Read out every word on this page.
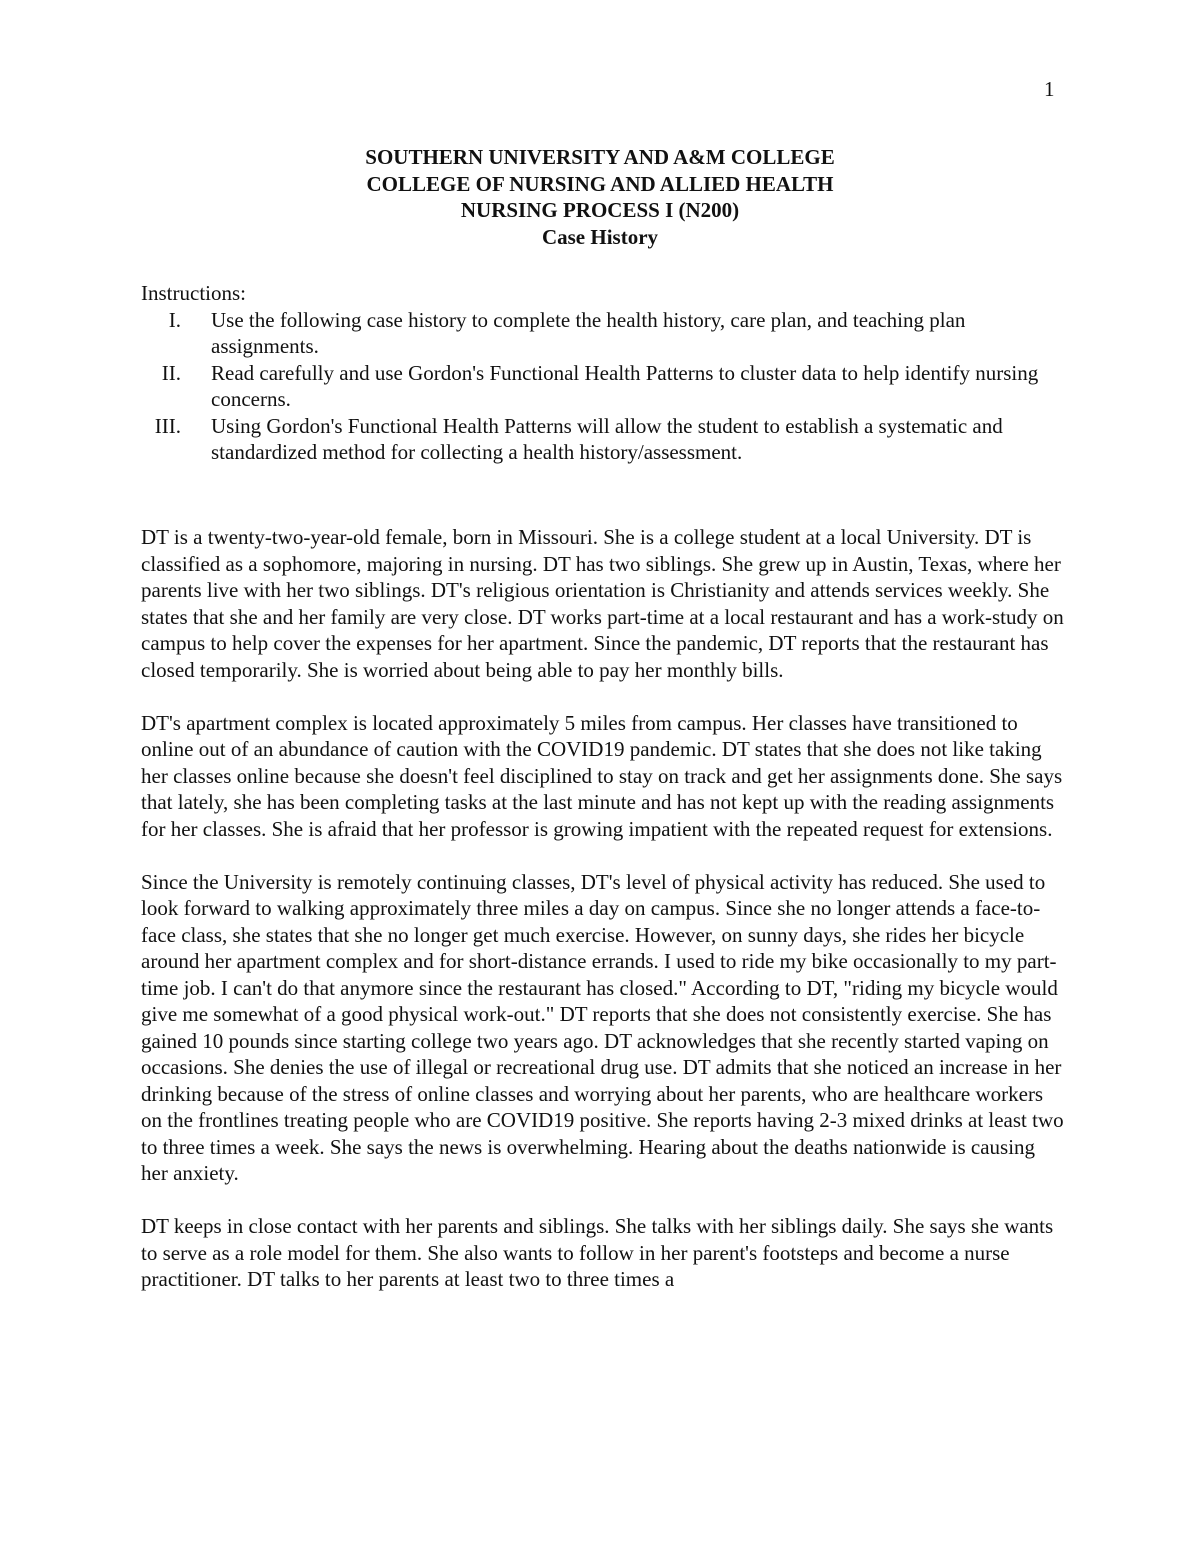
1
SOUTHERN UNIVERSITY AND A&M COLLEGE
COLLEGE OF NURSING AND ALLIED HEALTH
NURSING PROCESS I (N200)
Case History
Instructions:
I. Use the following case history to complete the health history, care plan, and teaching plan assignments.
II. Read carefully and use Gordon's Functional Health Patterns to cluster data to help identify nursing concerns.
III. Using Gordon's Functional Health Patterns will allow the student to establish a systematic and standardized method for collecting a health history/assessment.

DT is a twenty-two-year-old female, born in Missouri. She is a college student at a local University. DT is classified as a sophomore, majoring in nursing. DT has two siblings. She grew up in Austin, Texas, where her parents live with her two siblings. DT's religious orientation is Christianity and attends services weekly. She states that she and her family are very close. DT works part-time at a local restaurant and has a work-study on campus to help cover the expenses for her apartment. Since the pandemic, DT reports that the restaurant has closed temporarily. She is worried about being able to pay her monthly bills.

DT's apartment complex is located approximately 5 miles from campus. Her classes have transitioned to online out of an abundance of caution with the COVID19 pandemic. DT states that she does not like taking her classes online because she doesn't feel disciplined to stay on track and get her assignments done. She says that lately, she has been completing tasks at the last minute and has not kept up with the reading assignments for her classes. She is afraid that her professor is growing impatient with the repeated request for extensions.

Since the University is remotely continuing classes, DT's level of physical activity has reduced. She used to look forward to walking approximately three miles a day on campus. Since she no longer attends a face-to-face class, she states that she no longer get much exercise. However, on sunny days, she rides her bicycle around her apartment complex and for short-distance errands. I used to ride my bike occasionally to my part-time job. I can't do that anymore since the restaurant has closed." According to DT, "riding my bicycle would give me somewhat of a good physical work-out." DT reports that she does not consistently exercise. She has gained 10 pounds since starting college two years ago. DT acknowledges that she recently started vaping on occasions. She denies the use of illegal or recreational drug use. DT admits that she noticed an increase in her drinking because of the stress of online classes and worrying about her parents, who are healthcare workers on the frontlines treating people who are COVID19 positive. She reports having 2-3 mixed drinks at least two to three times a week. She says the news is overwhelming. Hearing about the deaths nationwide is causing her anxiety.

DT keeps in close contact with her parents and siblings. She talks with her siblings daily. She says she wants to serve as a role model for them. She also wants to follow in her parent's footsteps and become a nurse practitioner. DT talks to her parents at least two to three times a
